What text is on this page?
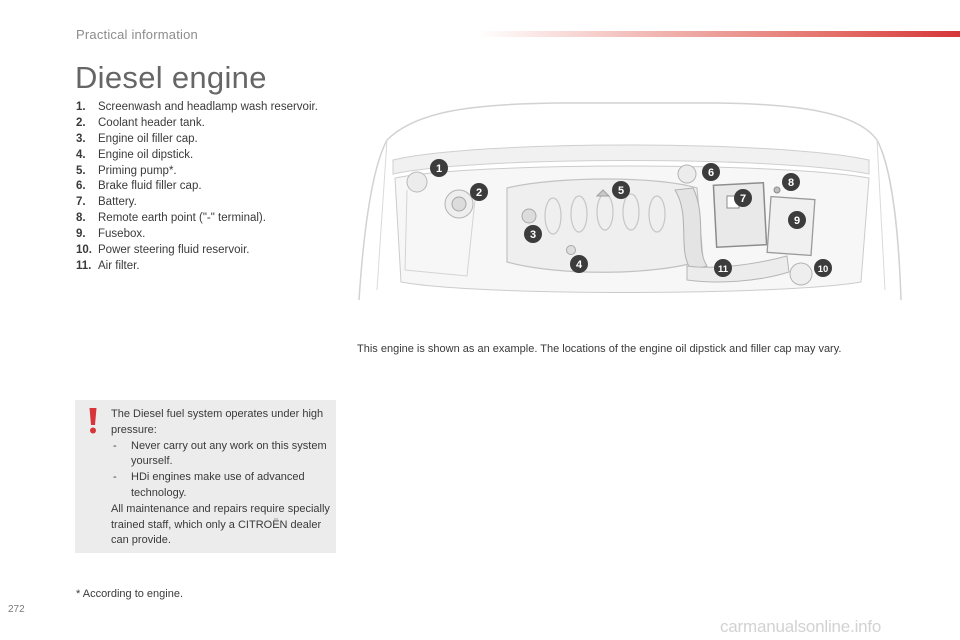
Practical information
Diesel engine
1. Screenwash and headlamp wash reservoir.
2. Coolant header tank.
3. Engine oil filler cap.
4. Engine oil dipstick.
5. Priming pump*.
6. Brake fluid filler cap.
7. Battery.
8. Remote earth point ("-" terminal).
9. Fusebox.
10. Power steering fluid reservoir.
11. Air filter.
1
2
3
4
5
6
7
8
9
10
11
This engine is shown as an example. The locations of the engine oil dipstick and filler cap may vary.

The Diesel fuel system operates under high pressure:

- Never carry out any work on this system yourself.
- HDi engines make use of advanced technology.

All maintenance and repairs require specially trained staff, which only a CITROËN dealer can provide.

* According to engine.
272
carmanualsonline.info
